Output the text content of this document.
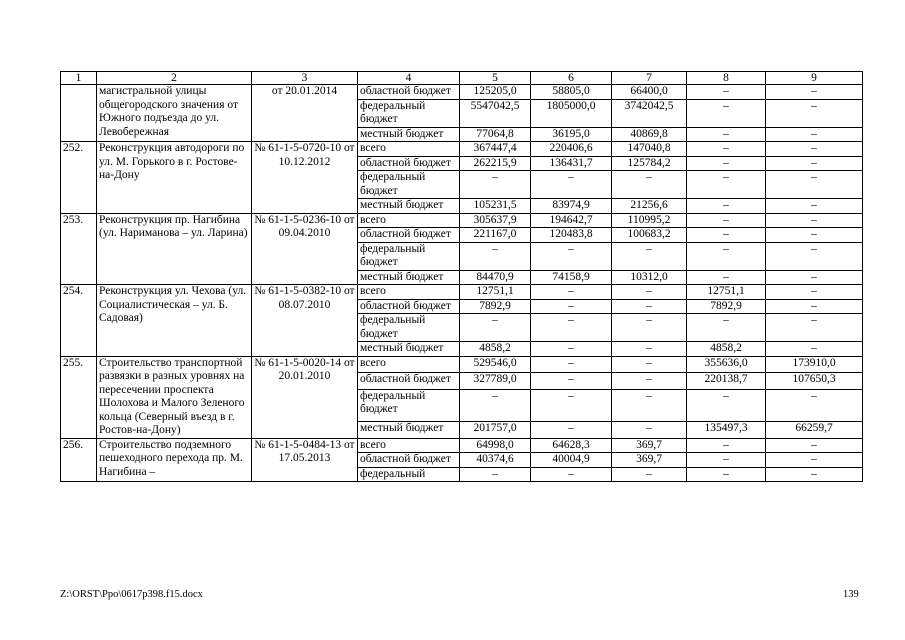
1	2	3	4	5	6	7	8	9
	магистральной улицы общегородского значения от Южного подъезда до ул. Левобережная	от 20.01.2014	областной бюджет	125205,0	58805,0	66400,0	–	–
			федеральный бюджет	5547042,5	1805000,0	3742042,5	–	–
			местный бюджет	77064,8	36195,0	40869,8	–	–
252.	Реконструкция автодороги по ул. М. Горького в г. Ростове-на-Дону	№ 61-1-5-0720-10 от 10.12.2012	всего	367447,4	220406,6	147040,8	–	–
			областной бюджет	262215,9	136431,7	125784,2	–	–
			федеральный бюджет	–	–	–	–	–
			местный бюджет	105231,5	83974,9	21256,6	–	–
253.	Реконструкция пр. Нагибина (ул. Нариманова – ул. Ларина)	№ 61-1-5-0236-10 от 09.04.2010	всего	305637,9	194642,7	110995,2	–	–
			областной бюджет	221167,0	120483,8	100683,2	–	–
			федеральный бюджет	–	–	–	–	–
			местный бюджет	84470,9	74158,9	10312,0	–	–
254.	Реконструкция ул. Чехова (ул. Социалистическая – ул. Б. Садовая)	№ 61-1-5-0382-10 от 08.07.2010	всего	12751,1	–	–	12751,1	–
			областной бюджет	7892,9	–	–	7892,9	–
			федеральный бюджет	–	–	–	–	–
			местный бюджет	4858,2	–	–	4858,2	–
255.	Строительство транспортной развязки в разных уровнях на пересечении проспекта Шолохова и Малого Зеленого кольца (Северный въезд в г. Ростов-на-Дону)	№ 61-1-5-0020-14 от 20.01.2010	всего	529546,0	–	–	355636,0	173910,0
			областной бюджет	327789,0	–	–	220138,7	107650,3
			федеральный бюджет	–	–	–	–	–
			местный бюджет	201757,0	–	–	135497,3	66259,7
256.	Строительство подземного пешеходного перехода пр. М. Нагибина –	№ 61-1-5-0484-13 от 17.05.2013	всего	64998,0	64628,3	369,7	–	–
			областной бюджет	40374,6	40004,9	369,7	–	–
			федеральный	–	–	–	–	–
Z:\ORST\Ppo\0617p398.f15.docx	139
